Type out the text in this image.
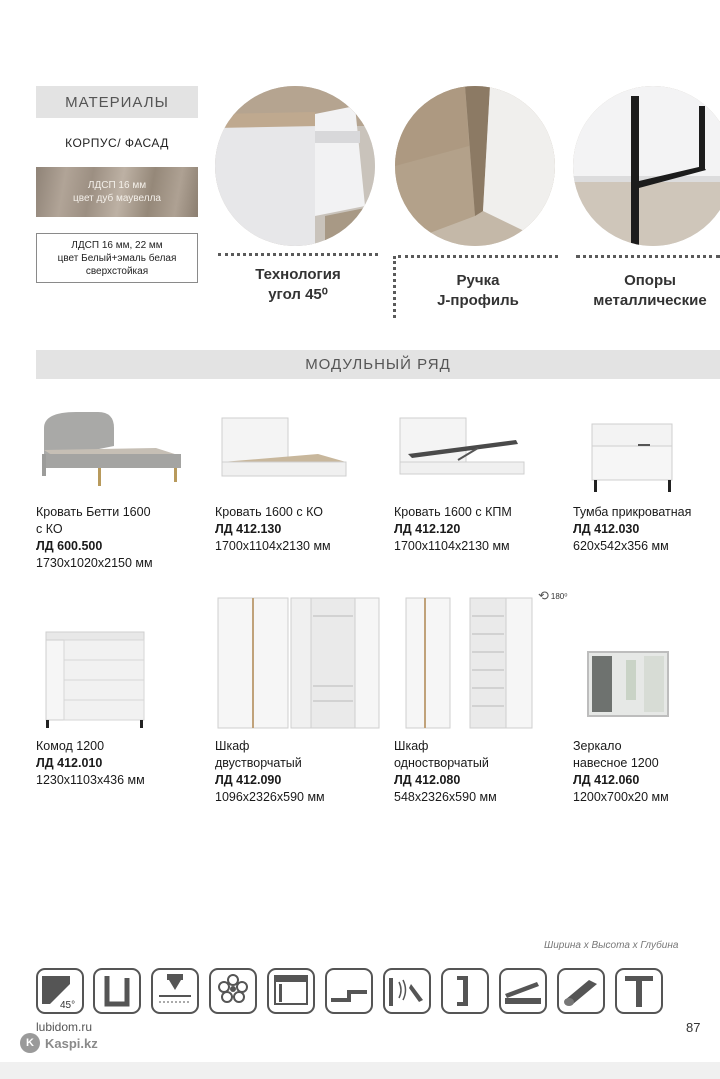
МАТЕРИАЛЫ
КОРПУС/ ФАСАД
ЛДСП 16 мм
цвет дуб маувелла
ЛДСП 16 мм, 22 мм
цвет Белый+эмаль белая
сверхстойкая	Технология
угол 45⁰
Ручка
J-профиль
Опоры
металлические
МОДУЛЬНЫЙ РЯД
Кровать Бетти 1600
с КО
ЛД 600.500
1730x1020x2150 мм
Кровать 1600 с КО
ЛД 412.130
1700x1104x2130 мм
Кровать 1600 с КПМ
ЛД 412.120
1700x1104x2130 мм
Тумба прикроватная
ЛД 412.030
620x542x356 мм
⟲ 180⁰
Комод 1200
ЛД 412.010
1230x1103x436 мм
Шкаф
двустворчатый
ЛД 412.090
1096x2326x590 мм
Шкаф
одностворчатый
ЛД 412.080
548x2326x590 мм
Зеркало
навесное 1200
ЛД 412.060
1200x700x20 мм
Ширина х Высота х Глубина
45°
lubidom.ru	87
K Kaspi.kz
